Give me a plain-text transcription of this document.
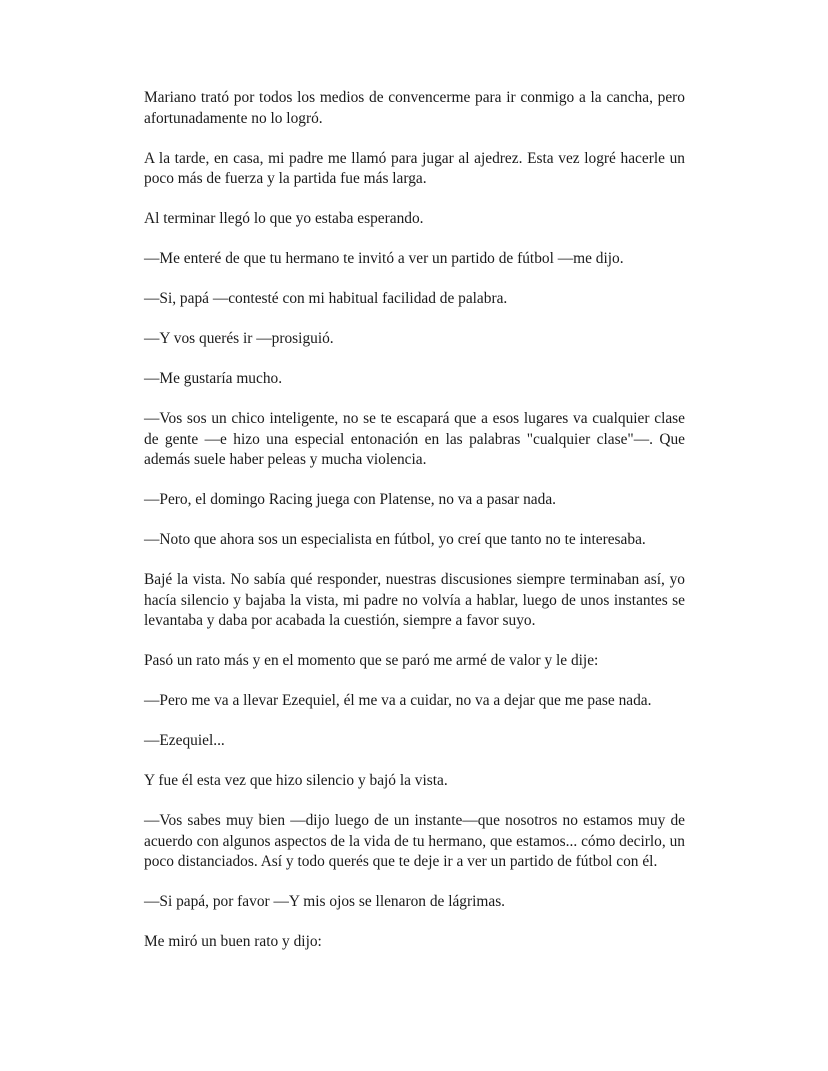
Mariano trató por todos los medios de convencerme para ir conmigo a la cancha, pero afortunadamente no lo logró.

A la tarde, en casa, mi padre me llamó para jugar al ajedrez. Esta vez logré hacerle un poco más de fuerza y la partida fue más larga.

Al terminar llegó lo que yo estaba esperando.

—Me enteré de que tu hermano te invitó a ver un partido de fútbol —me dijo.

—Si, papá —contesté con mi habitual facilidad de palabra.

—Y vos querés ir —prosiguió.

—Me gustaría mucho.

—Vos sos un chico inteligente, no se te escapará que a esos lugares va cualquier clase de gente —e hizo una especial entonación en las palabras "cualquier clase"—. Que además suele haber peleas y mucha violencia.

—Pero, el domingo Racing juega con Platense, no va a pasar nada.

—Noto que ahora sos un especialista en fútbol, yo creí que tanto no te interesaba.

Bajé la vista. No sabía qué responder, nuestras discusiones siempre terminaban así, yo hacía silencio y bajaba la vista, mi padre no volvía a hablar, luego de unos instantes se levantaba y daba por acabada la cuestión, siempre a favor suyo.

Pasó un rato más y en el momento que se paró me armé de valor y le dije:

—Pero me va a llevar Ezequiel, él me va a cuidar, no va a dejar que me pase nada.

—Ezequiel...

Y fue él esta vez que hizo silencio y bajó la vista.

—Vos sabes muy bien —dijo luego de un instante—que nosotros no estamos muy de acuerdo con algunos aspectos de la vida de tu hermano, que estamos... cómo decirlo, un poco distanciados. Así y todo querés que te deje ir a ver un partido de fútbol con él.

—Si papá, por favor —Y mis ojos se llenaron de lágrimas.

Me miró un buen rato y dijo:
